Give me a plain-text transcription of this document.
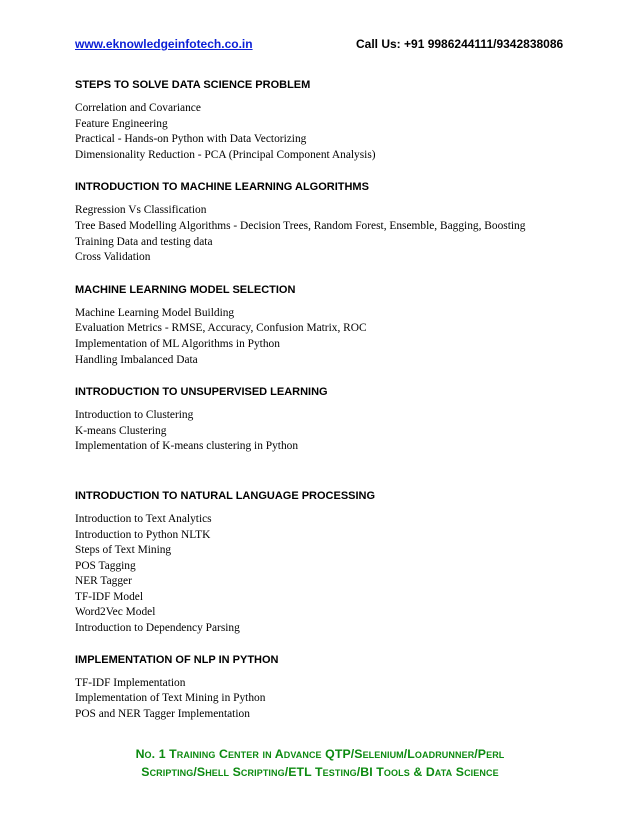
www.eknowledgeinfotech.co.in	Call Us: +91 9986244111/9342838086

STEPS TO SOLVE DATA SCIENCE PROBLEM

Correlation and Covariance
Feature Engineering
Practical - Hands-on Python with Data Vectorizing
Dimensionality Reduction - PCA (Principal Component Analysis)

INTRODUCTION TO MACHINE LEARNING ALGORITHMS

Regression Vs Classification
Tree Based Modelling Algorithms - Decision Trees, Random Forest, Ensemble, Bagging, Boosting
Training Data and testing data
Cross Validation

MACHINE LEARNING MODEL SELECTION

Machine Learning Model Building
Evaluation Metrics - RMSE, Accuracy, Confusion Matrix, ROC
Implementation of ML Algorithms in Python
Handling Imbalanced Data

INTRODUCTION TO UNSUPERVISED LEARNING

Introduction to Clustering
K-means Clustering
Implementation of K-means clustering in Python

INTRODUCTION TO NATURAL LANGUAGE PROCESSING

Introduction to Text Analytics
Introduction to Python NLTK
Steps of Text Mining
POS Tagging
NER Tagger
TF-IDF Model
Word2Vec Model
Introduction to Dependency Parsing

IMPLEMENTATION OF NLP IN PYTHON

TF-IDF Implementation
Implementation of Text Mining in Python
POS and NER Tagger Implementation
No. 1 Training Center in Advance QTP/Selenium/Loadrunner/Perl
Scripting/Shell Scripting/ETL Testing/BI Tools & Data Science
